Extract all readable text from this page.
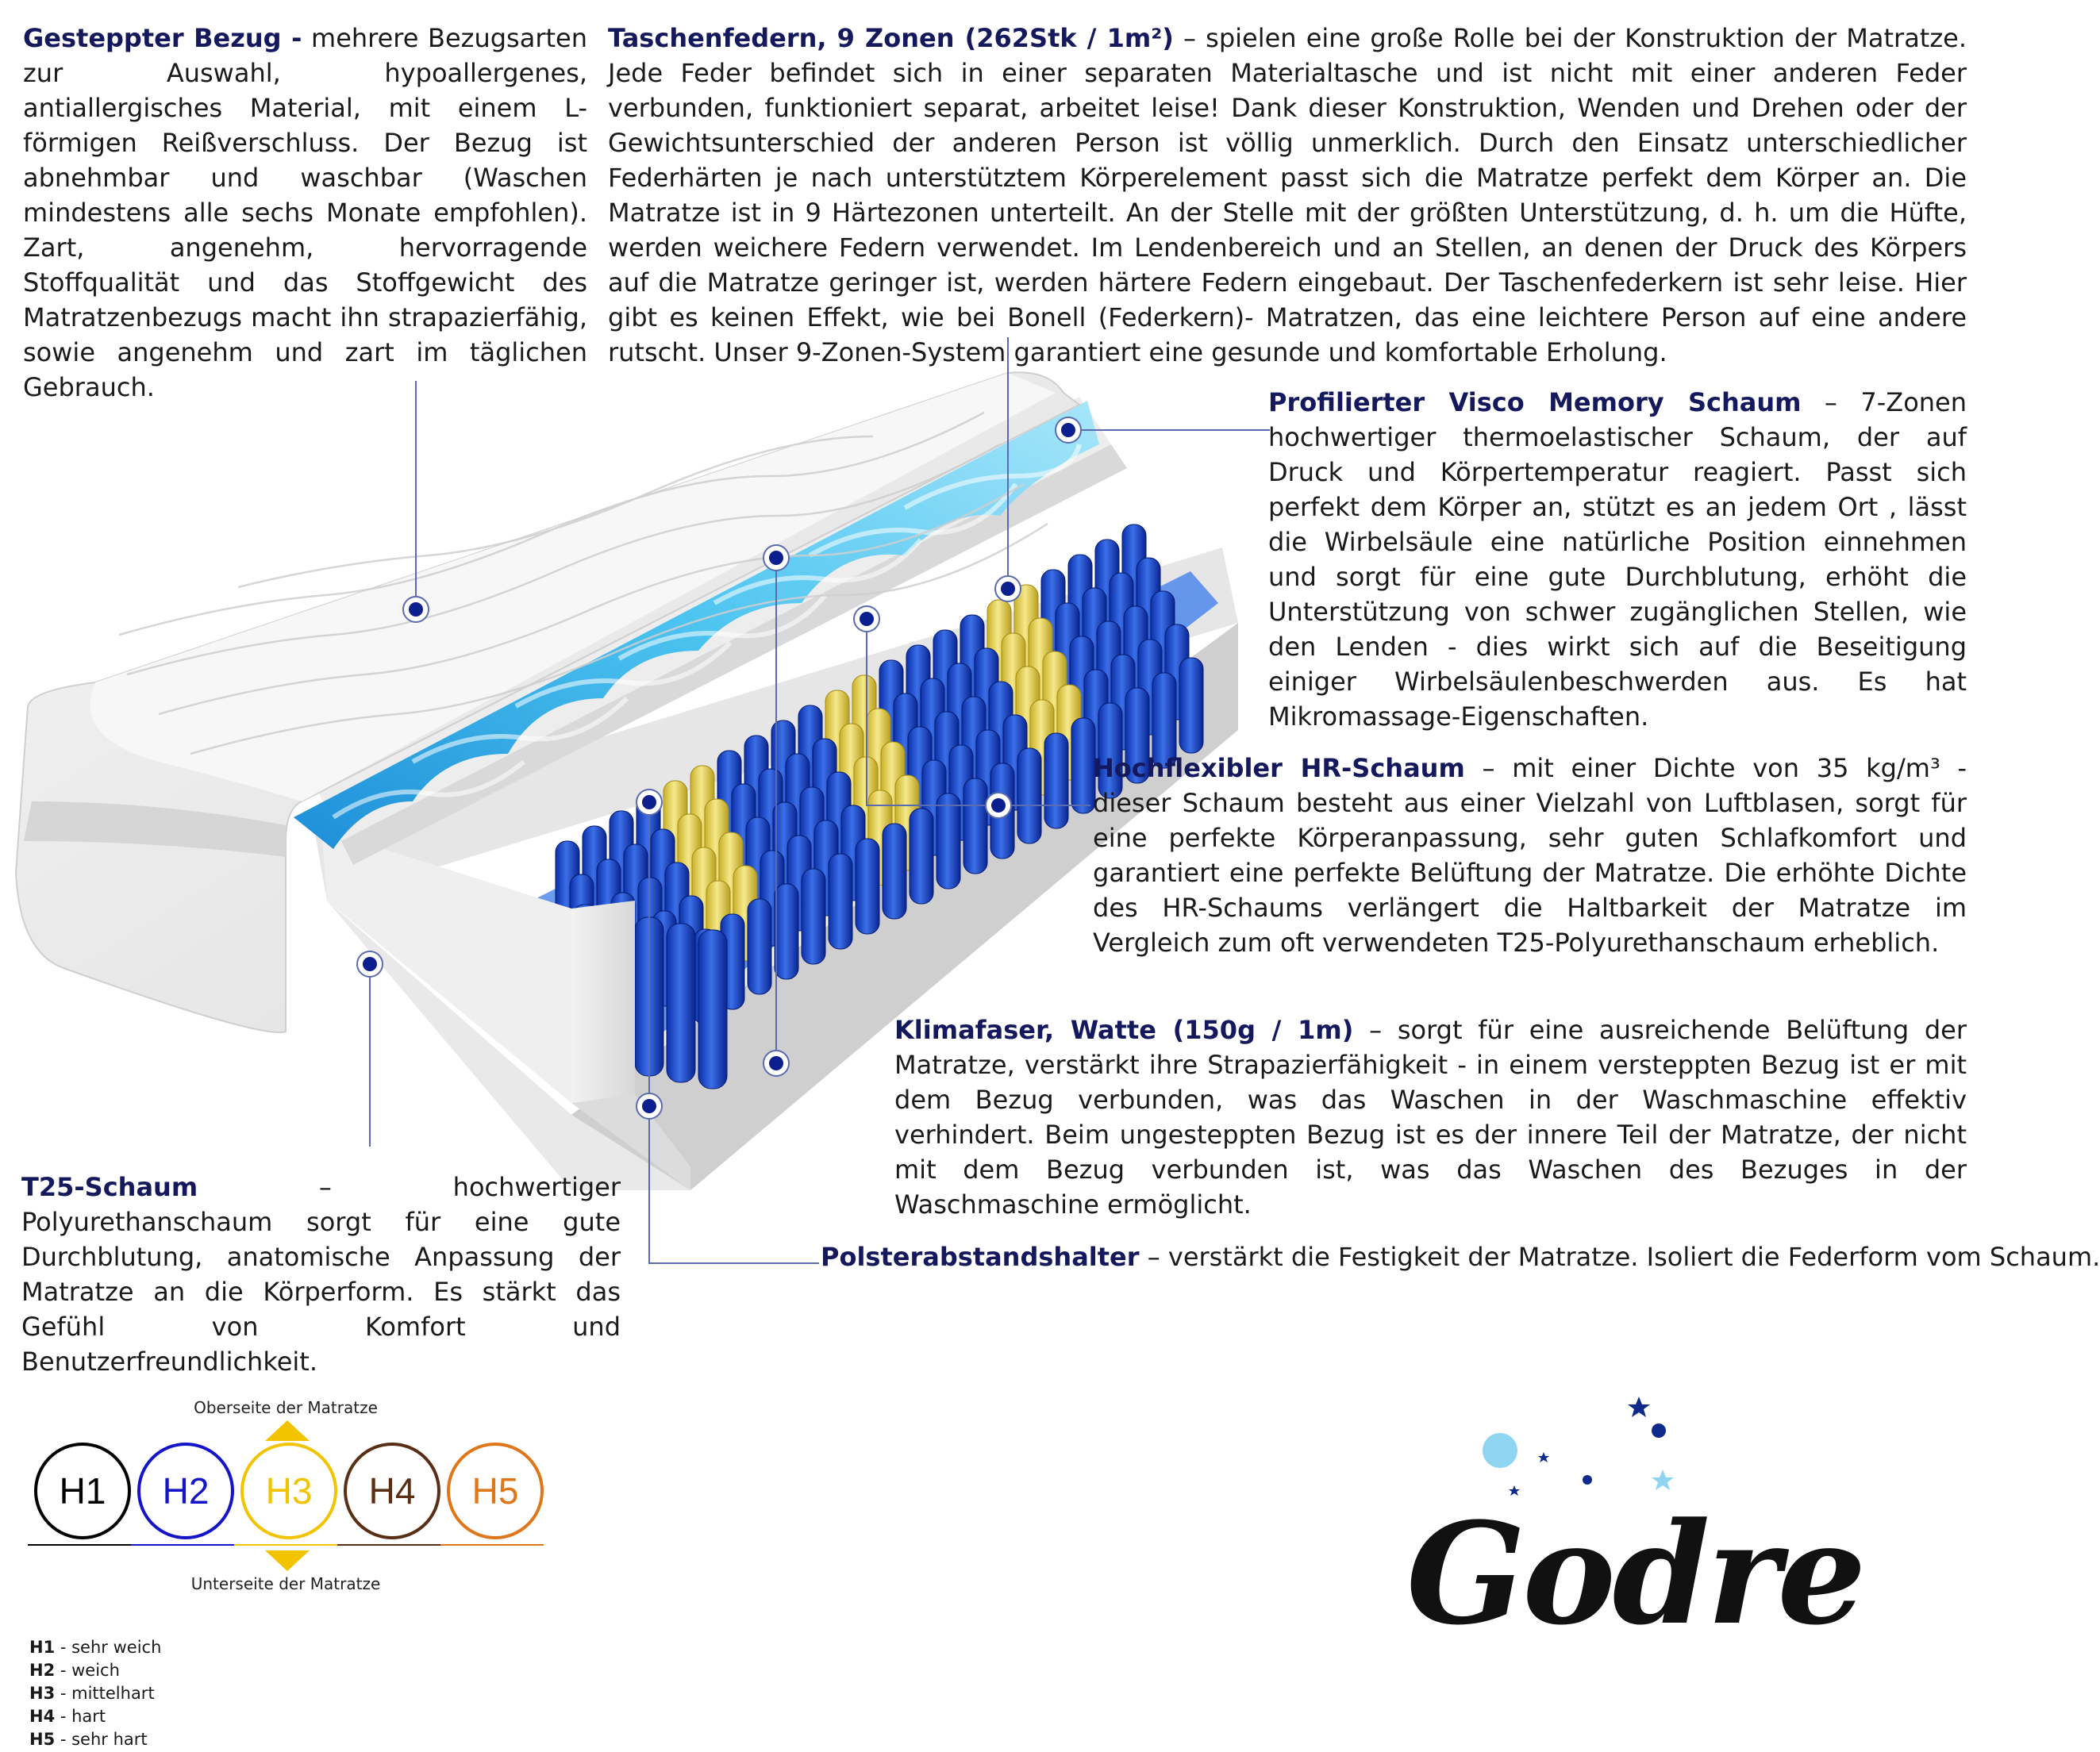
Gesteppter Bezug - mehrere Bezugsarten zur Auswahl, hypoallergenes, antiallergisches Material, mit einem L-förmigen Reißverschluss. Der Bezug ist abnehmbar und waschbar (Waschen mindestens alle sechs Monate empfohlen). Zart, angenehm, hervorragende Stoffqualität und das Stoffgewicht des Matratzenbezugs macht ihn strapazierfähig, sowie angenehm und zart im täglichen Gebrauch.

Taschenfedern, 9 Zonen (262Stk / 1m²) – spielen eine große Rolle bei der Konstruktion der Matratze. Jede Feder befindet sich in einer separaten Materialtasche und ist nicht mit einer anderen Feder verbunden, funktioniert separat, arbeitet leise! Dank dieser Konstruktion, Wenden und Drehen oder der Gewichtsunterschied der anderen Person ist völlig unmerklich. Durch den Einsatz unterschiedlicher Federhärten je nach unterstütztem Körperelement passt sich die Matratze perfekt dem Körper an. Die Matratze ist in 9 Härtezonen unterteilt. An der Stelle mit der größten Unterstützung, d. h. um die Hüfte, werden weichere Federn verwendet. Im Lendenbereich und an Stellen, an denen der Druck des Körpers auf die Matratze geringer ist, werden härtere Federn eingebaut. Der Taschenfederkern ist sehr leise. Hier gibt es keinen Effekt, wie bei Bonell (Federkern)- Matratzen, das eine leichtere Person auf eine andere rutscht. Unser 9-Zonen-System garantiert eine gesunde und komfortable Erholung.

Profilierter Visco Memory Schaum – 7-Zonen hochwertiger thermoelastischer Schaum, der auf Druck und Körpertemperatur reagiert. Passt sich perfekt dem Körper an, stützt es an jedem Ort , lässt die Wirbelsäule eine natürliche Position einnehmen und sorgt für eine gute Durchblutung, erhöht die Unterstützung von schwer zugänglichen Stellen, wie den Lenden - dies wirkt sich auf die Beseitigung einiger Wirbelsäulenbeschwerden aus. Es hat Mikromassage-Eigenschaften.

Hochflexibler HR-Schaum – mit einer Dichte von 35 kg/m³ - dieser Schaum besteht aus einer Vielzahl von Luftblasen, sorgt für eine perfekte Körperanpassung, sehr guten Schlafkomfort und garantiert eine perfekte Belüftung der Matratze. Die erhöhte Dichte des HR-Schaums verlängert die Haltbarkeit der Matratze im Vergleich zum oft verwendeten T25-Polyurethanschaum erheblich.

Klimafaser, Watte (150g / 1m) – sorgt für eine ausreichende Belüftung der Matratze, verstärkt ihre Strapazierfähigkeit - in einem versteppten Bezug ist er mit dem Bezug verbunden, was das Waschen in der Waschmaschine effektiv verhindert. Beim ungesteppten Bezug ist es der innere Teil der Matratze, der nicht mit dem Bezug verbunden ist, was das Waschen des Bezuges in der Waschmaschine ermöglicht.

T25-Schaum – hochwertiger Polyurethanschaum sorgt für eine gute Durchblutung, anatomische Anpassung der Matratze an die Körperform. Es stärkt das Gefühl von Komfort und Benutzerfreundlichkeit.

Polsterabstandshalter – verstärkt die Festigkeit der Matratze. Isoliert die Federform vom Schaum.

Oberseite der Matratze
H1	H2	H3	H4	H5
Unterseite der Matratze
H1 - sehr weich
H2 - weich
H3 - mittelhart
H4 - hart
H5 - sehr hart
Godre
